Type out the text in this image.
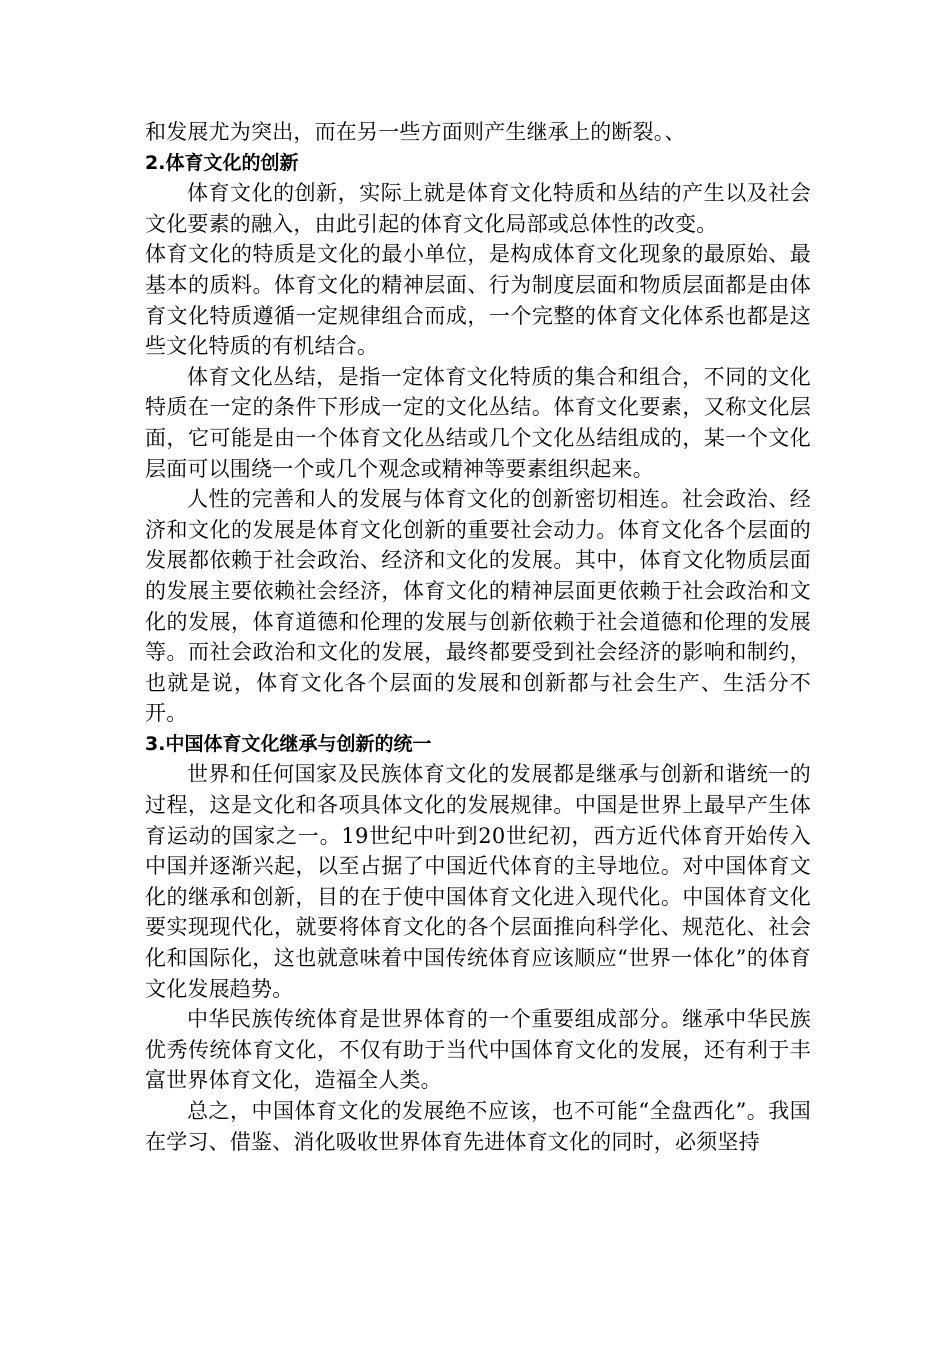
和发展尤为突出，而在另一些方面则产生继承上的断裂。、

2.体育文化的创新

体育文化的创新，实际上就是体育文化特质和丛结的产生以及社会文化要素的融入，由此引起的体育文化局部或总体性的改变。

体育文化的特质是文化的最小单位，是构成体育文化现象的最原始、最基本的质料。体育文化的精神层面、行为制度层面和物质层面都是由体育文化特质遵循一定规律组合而成，一个完整的体育文化体系也都是这些文化特质的有机结合。

体育文化丛结，是指一定体育文化特质的集合和组合，不同的文化特质在一定的条件下形成一定的文化丛结。体育文化要素，又称文化层面，它可能是由一个体育文化丛结或几个文化丛结组成的，某一个文化层面可以围绕一个或几个观念或精神等要素组织起来。

人性的完善和人的发展与体育文化的创新密切相连。社会政治、经济和文化的发展是体育文化创新的重要社会动力。体育文化各个层面的发展都依赖于社会政治、经济和文化的发展。其中，体育文化物质层面的发展主要依赖社会经济，体育文化的精神层面更依赖于社会政治和文化的发展，体育道德和伦理的发展与创新依赖于社会道德和伦理的发展等。而社会政治和文化的发展，最终都要受到社会经济的影响和制约，也就是说，体育文化各个层面的发展和创新都与社会生产、生活分不开。

3.中国体育文化继承与创新的统一

世界和任何国家及民族体育文化的发展都是继承与创新和谐统一的过程，这是文化和各项具体文化的发展规律。中国是世界上最早产生体育运动的国家之一。19世纪中叶到20世纪初，西方近代体育开始传入中国并逐渐兴起，以至占据了中国近代体育的主导地位。对中国体育文化的继承和创新，目的在于使中国体育文化进入现代化。中国体育文化要实现现代化，就要将体育文化的各个层面推向科学化、规范化、社会化和国际化，这也就意味着中国传统体育应该顺应“世界一体化”的体育文化发展趋势。

中华民族传统体育是世界体育的一个重要组成部分。继承中华民族优秀传统体育文化，不仅有助于当代中国体育文化的发展，还有利于丰富世界体育文化，造福全人类。

总之，中国体育文化的发展绝不应该，也不可能“全盘西化”。我国在学习、借鉴、消化吸收世界体育先进体育文化的同时，必须坚持
